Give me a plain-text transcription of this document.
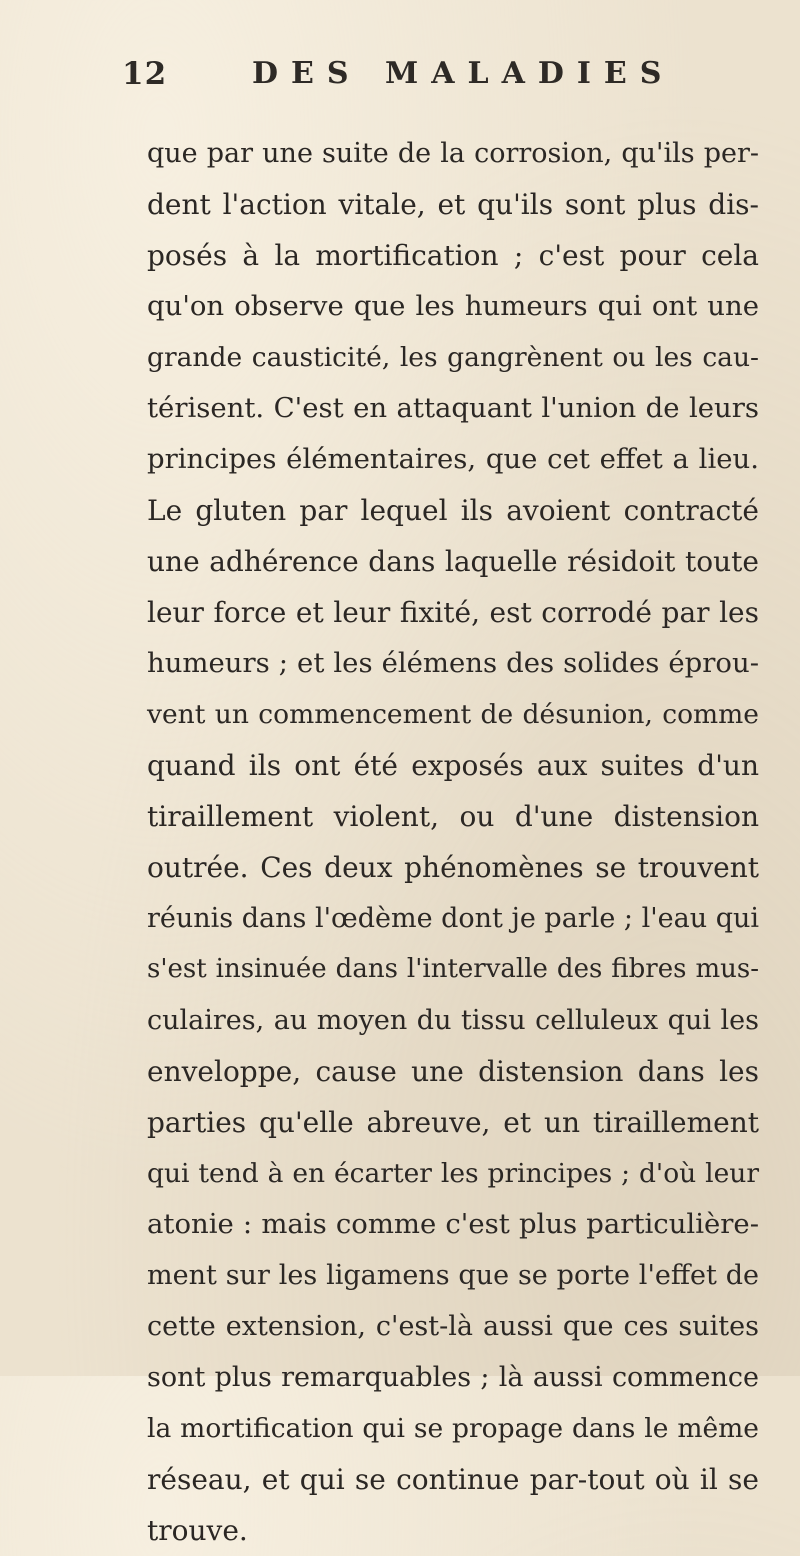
12	DES MALADIES
que par une suite de la corrosion, qu'ils per-
dent l'action vitale, et qu'ils sont plus dis-
posés à la mortification ; c'est pour cela
qu'on observe que les humeurs qui ont une
grande causticité, les gangrènent ou les cau-
térisent. C'est en attaquant l'union de leurs
principes élémentaires, que cet effet a lieu.
Le gluten par lequel ils avoient contracté
une adhérence dans laquelle résidoit toute
leur force et leur fixité, est corrodé par les
humeurs ; et les élémens des solides éprou-
vent un commencement de désunion, comme
quand ils ont été exposés aux suites d'un
tiraillement violent, ou d'une distension
outrée. Ces deux phénomènes se trouvent
réunis dans l'œdème dont je parle ; l'eau qui
s'est insinuée dans l'intervalle des fibres mus-
culaires, au moyen du tissu celluleux qui les
enveloppe, cause une distension dans les
parties qu'elle abreuve, et un tiraillement
qui tend à en écarter les principes ; d'où leur
atonie : mais comme c'est plus particulière-
ment sur les ligamens que se porte l'effet de
cette extension, c'est-là aussi que ces suites
sont plus remarquables ; là aussi commence
la mortification qui se propage dans le même
réseau, et qui se continue par-tout où il se
trouve.
